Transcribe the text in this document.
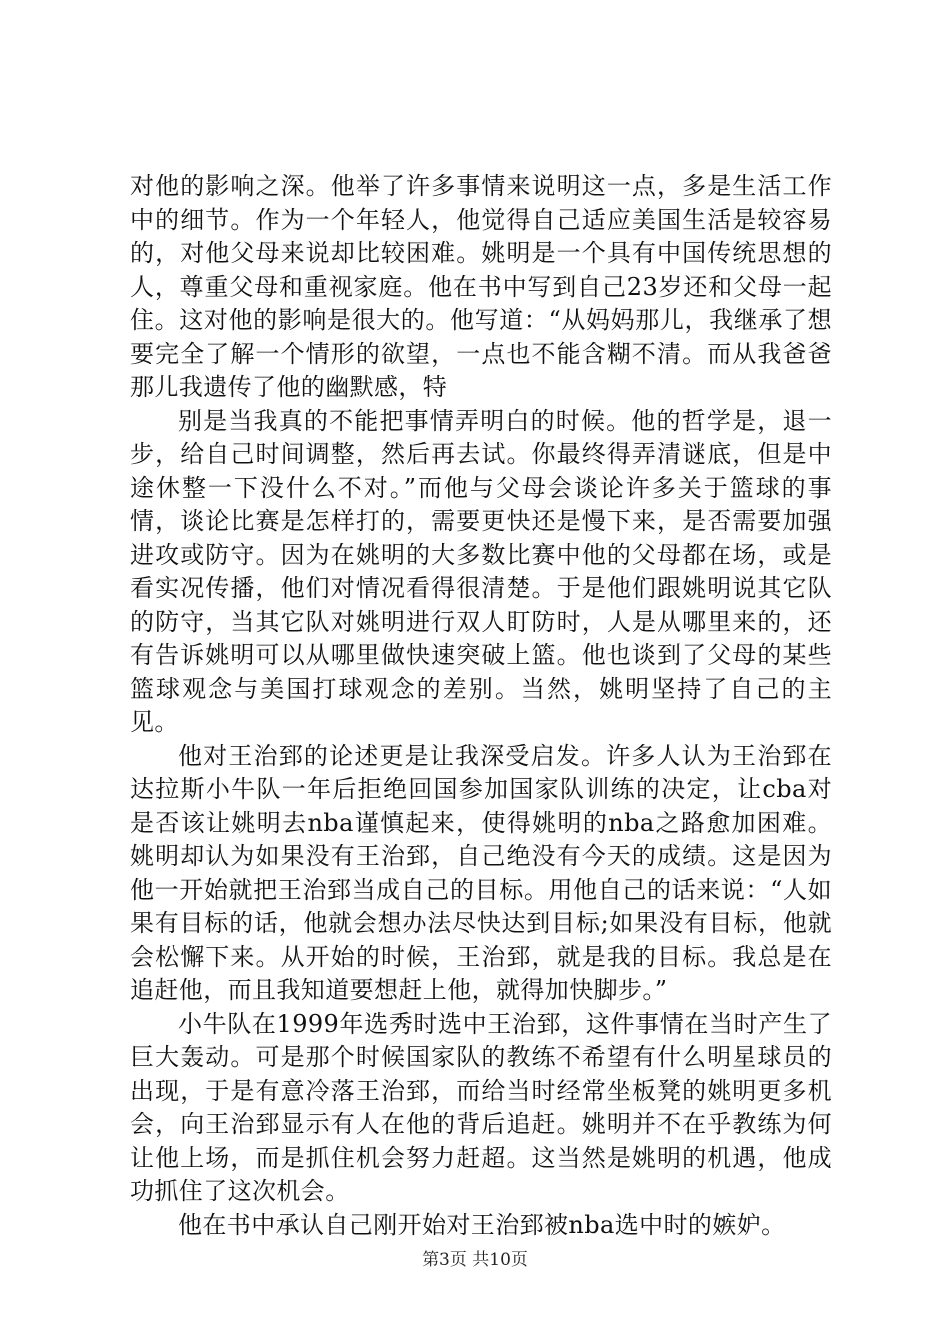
对他的影响之深。他举了许多事情来说明这一点，多是生活工作中的细节。作为一个年轻人，他觉得自己适应美国生活是较容易的，对他父母来说却比较困难。姚明是一个具有中国传统思想的人，尊重父母和重视家庭。他在书中写到自己23岁还和父母一起住。这对他的影响是很大的。他写道：“从妈妈那儿，我继承了想要完全了解一个情形的欲望，一点也不能含糊不清。而从我爸爸那儿我遗传了他的幽默感，特

别是当我真的不能把事情弄明白的时候。他的哲学是，退一步，给自己时间调整，然后再去试。你最终得弄清谜底，但是中途休整一下没什么不对。”而他与父母会谈论许多关于篮球的事情，谈论比赛是怎样打的，需要更快还是慢下来，是否需要加强进攻或防守。因为在姚明的大多数比赛中他的父母都在场，或是看实况传播，他们对情况看得很清楚。于是他们跟姚明说其它队的防守，当其它队对姚明进行双人盯防时，人是从哪里来的，还有告诉姚明可以从哪里做快速突破上篮。他也谈到了父母的某些篮球观念与美国打球观念的差别。当然，姚明坚持了自己的主见。

他对王治郅的论述更是让我深受启发。许多人认为王治郅在达拉斯小牛队一年后拒绝回国参加国家队训练的决定，让cba对是否该让姚明去nba谨慎起来，使得姚明的nba之路愈加困难。姚明却认为如果没有王治郅，自己绝没有今天的成绩。这是因为他一开始就把王治郅当成自己的目标。用他自己的话来说：“人如果有目标的话，他就会想办法尽快达到目标;如果没有目标，他就会松懈下来。从开始的时候，王治郅，就是我的目标。我总是在追赶他，而且我知道要想赶上他，就得加快脚步。”

小牛队在1999年选秀时选中王治郅，这件事情在当时产生了巨大轰动。可是那个时候国家队的教练不希望有什么明星球员的出现，于是有意冷落王治郅，而给当时经常坐板凳的姚明更多机会，向王治郅显示有人在他的背后追赶。姚明并不在乎教练为何让他上场，而是抓住机会努力赶超。这当然是姚明的机遇，他成功抓住了这次机会。

他在书中承认自己刚开始对王治郅被nba选中时的嫉妒。

第3页 共10页
